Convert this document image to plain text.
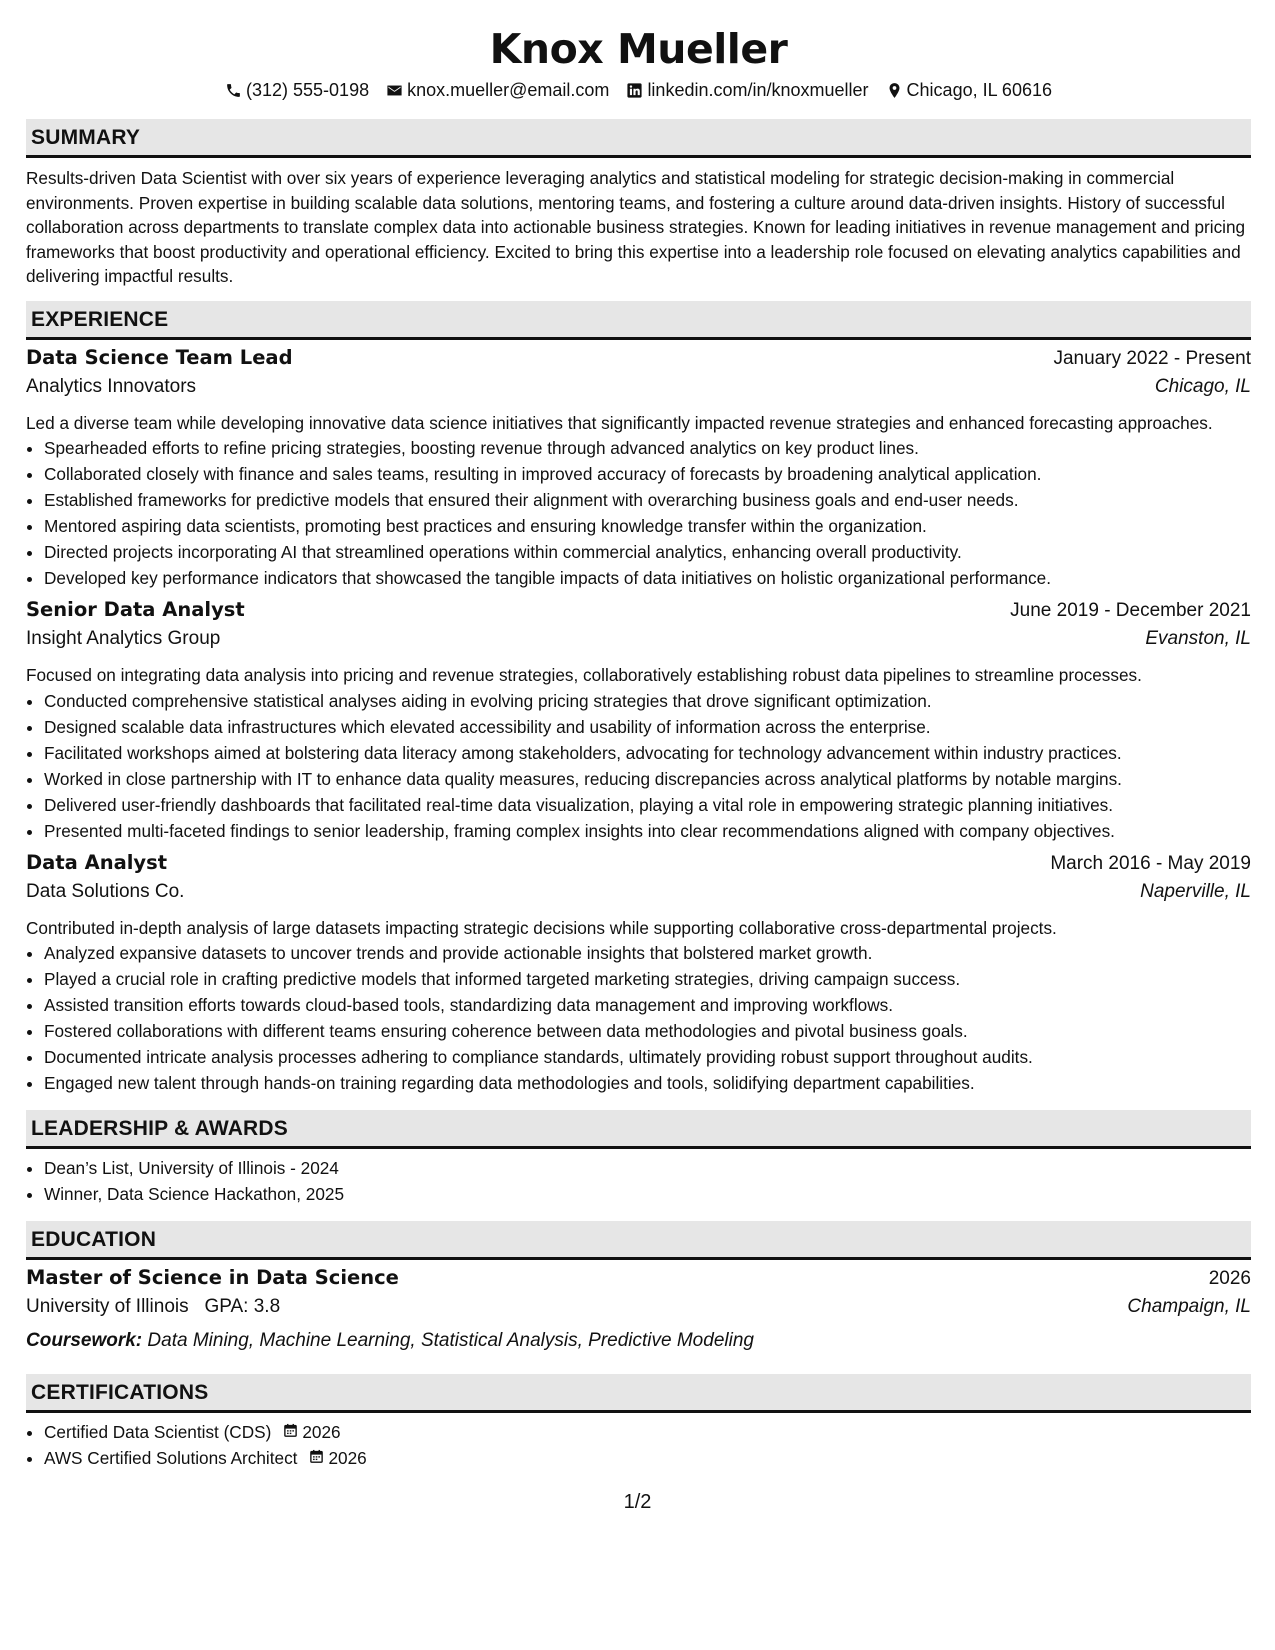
Knox Mueller
(312) 555-0198 knox.mueller@email.com linkedin.com/in/knoxmueller Chicago, IL 60616
SUMMARY
Results-driven Data Scientist with over six years of experience leveraging analytics and statistical modeling for strategic decision-making in commercial environments. Proven expertise in building scalable data solutions, mentoring teams, and fostering a culture around data-driven insights. History of successful collaboration across departments to translate complex data into actionable business strategies. Known for leading initiatives in revenue management and pricing frameworks that boost productivity and operational efficiency. Excited to bring this expertise into a leadership role focused on elevating analytics capabilities and delivering impactful results.
EXPERIENCE
Data Science Team Lead	January 2022 - Present
Analytics Innovators	Chicago, IL
Led a diverse team while developing innovative data science initiatives that significantly impacted revenue strategies and enhanced forecasting approaches.
• Spearheaded efforts to refine pricing strategies, boosting revenue through advanced analytics on key product lines.
• Collaborated closely with finance and sales teams, resulting in improved accuracy of forecasts by broadening analytical application.
• Established frameworks for predictive models that ensured their alignment with overarching business goals and end-user needs.
• Mentored aspiring data scientists, promoting best practices and ensuring knowledge transfer within the organization.
• Directed projects incorporating AI that streamlined operations within commercial analytics, enhancing overall productivity.
• Developed key performance indicators that showcased the tangible impacts of data initiatives on holistic organizational performance.
Senior Data Analyst	June 2019 - December 2021
Insight Analytics Group	Evanston, IL
Focused on integrating data analysis into pricing and revenue strategies, collaboratively establishing robust data pipelines to streamline processes.
• Conducted comprehensive statistical analyses aiding in evolving pricing strategies that drove significant optimization.
• Designed scalable data infrastructures which elevated accessibility and usability of information across the enterprise.
• Facilitated workshops aimed at bolstering data literacy among stakeholders, advocating for technology advancement within industry practices.
• Worked in close partnership with IT to enhance data quality measures, reducing discrepancies across analytical platforms by notable margins.
• Delivered user-friendly dashboards that facilitated real-time data visualization, playing a vital role in empowering strategic planning initiatives.
• Presented multi-faceted findings to senior leadership, framing complex insights into clear recommendations aligned with company objectives.
Data Analyst	March 2016 - May 2019
Data Solutions Co.	Naperville, IL
Contributed in-depth analysis of large datasets impacting strategic decisions while supporting collaborative cross-departmental projects.
• Analyzed expansive datasets to uncover trends and provide actionable insights that bolstered market growth.
• Played a crucial role in crafting predictive models that informed targeted marketing strategies, driving campaign success.
• Assisted transition efforts towards cloud-based tools, standardizing data management and improving workflows.
• Fostered collaborations with different teams ensuring coherence between data methodologies and pivotal business goals.
• Documented intricate analysis processes adhering to compliance standards, ultimately providing robust support throughout audits.
• Engaged new talent through hands-on training regarding data methodologies and tools, solidifying department capabilities.
LEADERSHIP & AWARDS
• Dean’s List, University of Illinois - 2024
• Winner, Data Science Hackathon, 2025
EDUCATION
Master of Science in Data Science	2026
University of Illinois GPA: 3.8	Champaign, IL
Coursework: Data Mining, Machine Learning, Statistical Analysis, Predictive Modeling
CERTIFICATIONS
• Certified Data Scientist (CDS) 2026
• AWS Certified Solutions Architect 2026
1/2
